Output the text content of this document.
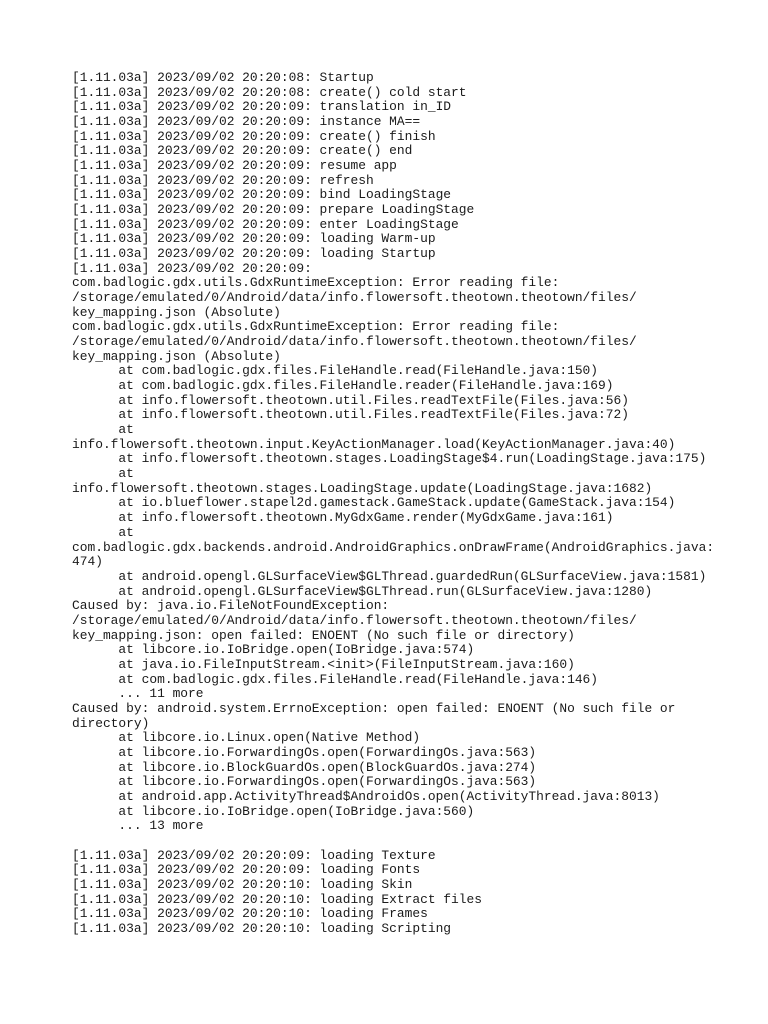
[1.11.03a] 2023/09/02 20:20:08: Startup
[1.11.03a] 2023/09/02 20:20:08: create() cold start
[1.11.03a] 2023/09/02 20:20:09: translation in_ID
[1.11.03a] 2023/09/02 20:20:09: instance MA==
[1.11.03a] 2023/09/02 20:20:09: create() finish
[1.11.03a] 2023/09/02 20:20:09: create() end
[1.11.03a] 2023/09/02 20:20:09: resume app
[1.11.03a] 2023/09/02 20:20:09: refresh
[1.11.03a] 2023/09/02 20:20:09: bind LoadingStage
[1.11.03a] 2023/09/02 20:20:09: prepare LoadingStage
[1.11.03a] 2023/09/02 20:20:09: enter LoadingStage
[1.11.03a] 2023/09/02 20:20:09: loading Warm-up
[1.11.03a] 2023/09/02 20:20:09: loading Startup
[1.11.03a] 2023/09/02 20:20:09:
com.badlogic.gdx.utils.GdxRuntimeException: Error reading file:
/storage/emulated/0/Android/data/info.flowersoft.theotown.theotown/files/
key_mapping.json (Absolute)
com.badlogic.gdx.utils.GdxRuntimeException: Error reading file:
/storage/emulated/0/Android/data/info.flowersoft.theotown.theotown/files/
key_mapping.json (Absolute)
at com.badlogic.gdx.files.FileHandle.read(FileHandle.java:150)
at com.badlogic.gdx.files.FileHandle.reader(FileHandle.java:169)
at info.flowersoft.theotown.util.Files.readTextFile(Files.java:56)
at info.flowersoft.theotown.util.Files.readTextFile(Files.java:72)
at
info.flowersoft.theotown.input.KeyActionManager.load(KeyActionManager.java:40)
at info.flowersoft.theotown.stages.LoadingStage$4.run(LoadingStage.java:175)
at
info.flowersoft.theotown.stages.LoadingStage.update(LoadingStage.java:1682)
at io.blueflower.stapel2d.gamestack.GameStack.update(GameStack.java:154)
at info.flowersoft.theotown.MyGdxGame.render(MyGdxGame.java:161)
at
com.badlogic.gdx.backends.android.AndroidGraphics.onDrawFrame(AndroidGraphics.java:
474)
at android.opengl.GLSurfaceView$GLThread.guardedRun(GLSurfaceView.java:1581)
at android.opengl.GLSurfaceView$GLThread.run(GLSurfaceView.java:1280)
Caused by: java.io.FileNotFoundException:
/storage/emulated/0/Android/data/info.flowersoft.theotown.theotown/files/
key_mapping.json: open failed: ENOENT (No such file or directory)
at libcore.io.IoBridge.open(IoBridge.java:574)
at java.io.FileInputStream.<init>(FileInputStream.java:160)
at com.badlogic.gdx.files.FileHandle.read(FileHandle.java:146)
... 11 more
Caused by: android.system.ErrnoException: open failed: ENOENT (No such file or
directory)
at libcore.io.Linux.open(Native Method)
at libcore.io.ForwardingOs.open(ForwardingOs.java:563)
at libcore.io.BlockGuardOs.open(BlockGuardOs.java:274)
at libcore.io.ForwardingOs.open(ForwardingOs.java:563)
at android.app.ActivityThread$AndroidOs.open(ActivityThread.java:8013)
at libcore.io.IoBridge.open(IoBridge.java:560)
... 13 more
[1.11.03a] 2023/09/02 20:20:09: loading Texture
[1.11.03a] 2023/09/02 20:20:09: loading Fonts
[1.11.03a] 2023/09/02 20:20:10: loading Skin
[1.11.03a] 2023/09/02 20:20:10: loading Extract files
[1.11.03a] 2023/09/02 20:20:10: loading Frames
[1.11.03a] 2023/09/02 20:20:10: loading Scripting
